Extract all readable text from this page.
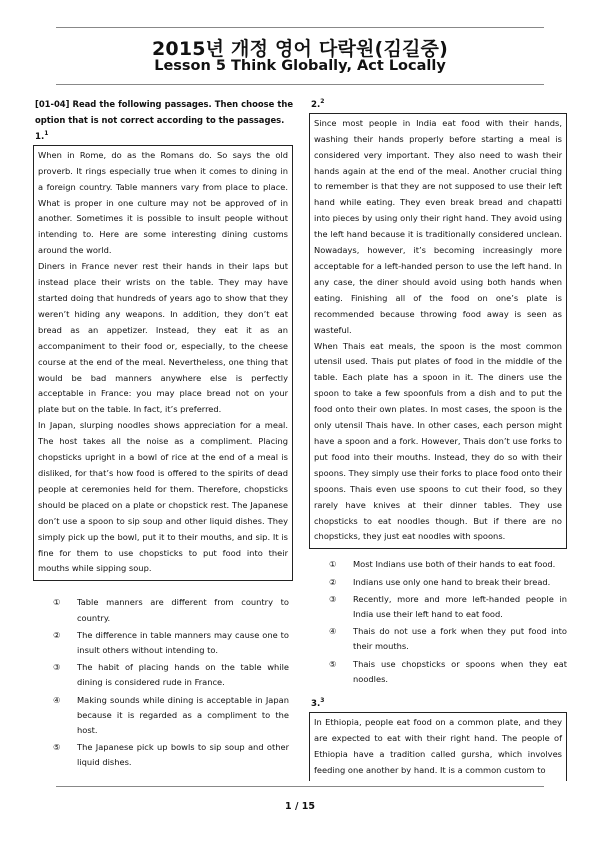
2015년 개정 영어 다락원(김길중)
Lesson 5 Think Globally, Act Locally
[01-04] Read the following passages. Then choose the option that is not correct according to the passages.
1.$^1$

When in Rome, do as the Romans do. So says the old proverb. It rings especially true when it comes to dining in a foreign country. Table manners vary from place to place. What is proper in one culture may not be approved of in another. Sometimes it is possible to insult people without intending to. Here are some interesting dining customs around the world.

Diners in France never rest their hands in their laps but instead place their wrists on the table. They may have started doing that hundreds of years ago to show that they weren’t hiding any weapons. In addition, they don’t eat bread as an appetizer. Instead, they eat it as an accompaniment to their food or, especially, to the cheese course at the end of the meal. Nevertheless, one thing that would be bad manners anywhere else is perfectly acceptable in France: you may place bread not on your plate but on the table. In fact, it’s preferred.

In Japan, slurping noodles shows appreciation for a meal. The host takes all the noise as a compliment. Placing chopsticks upright in a bowl of rice at the end of a meal is disliked, for that’s how food is offered to the spirits of dead people at ceremonies held for them. Therefore, chopsticks should be placed on a plate or chopstick rest. The Japanese don’t use a spoon to sip soup and other liquid dishes. They simply pick up the bowl, put it to their mouths, and sip. It is fine for them to use chopsticks to put food into their mouths while sipping soup.

① Table manners are different from country to country.
② The difference in table manners may cause one to insult others without intending to.
③ The habit of placing hands on the table while dining is considered rude in France.
④ Making sounds while dining is acceptable in Japan because it is regarded as a compliment to the host.
⑤ The Japanese pick up bowls to sip soup and other liquid dishes.
2.$^2$

Since most people in India eat food with their hands, washing their hands properly before starting a meal is considered very important. They also need to wash their hands again at the end of the meal. Another crucial thing to remember is that they are not supposed to use their left hand while eating. They even break bread and chapatti into pieces by using only their right hand. They avoid using the left hand because it is traditionally considered unclean. Nowadays, however, it’s becoming increasingly more acceptable for a left-handed person to use the left hand. In any case, the diner should avoid using both hands when eating. Finishing all of the food on one’s plate is recommended because throwing food away is seen as wasteful.

When Thais eat meals, the spoon is the most common utensil used. Thais put plates of food in the middle of the table. Each plate has a spoon in it. The diners use the spoon to take a few spoonfuls from a dish and to put the food onto their own plates. In most cases, the spoon is the only utensil Thais have. In other cases, each person might have a spoon and a fork. However, Thais don’t use forks to put food into their mouths. Instead, they do so with their spoons. They simply use their forks to place food onto their spoons. Thais even use spoons to cut their food, so they rarely have knives at their dinner tables. They use chopsticks to eat noodles though. But if there are no chopsticks, they just eat noodles with spoons.

① Most Indians use both of their hands to eat food.
② Indians use only one hand to break their bread.
③ Recently, more and more left-handed people in India use their left hand to eat food.
④ Thais do not use a fork when they put food into their mouths.
⑤ Thais use chopsticks or spoons when they eat noodles.
3.$^3$

In Ethiopia, people eat food on a common plate, and they are expected to eat with their right hand. The people of Ethiopia have a tradition called gursha, which involves feeding one another by hand. It is a common custom to

1 / 15
